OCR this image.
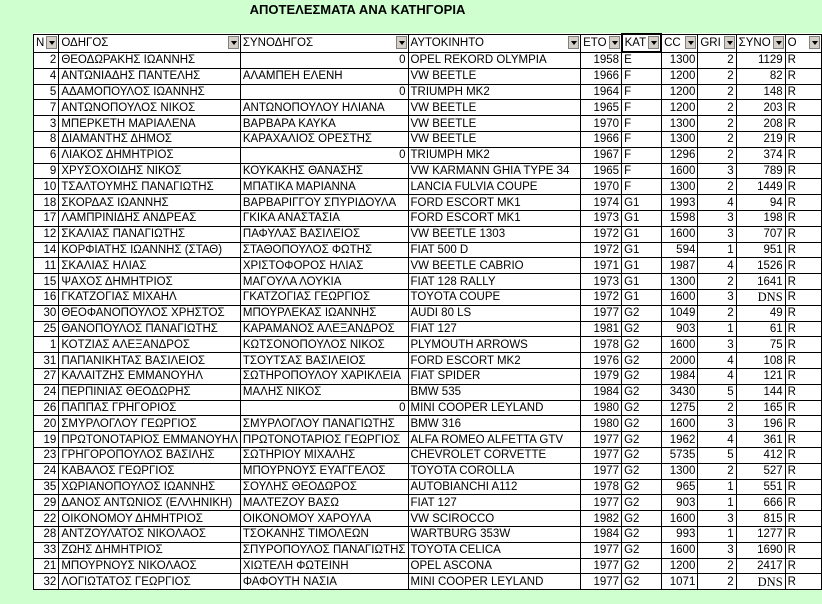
ΑΠΟΤΕΛΕΣΜΑΤΑ ΑΝΑ ΚΑΤΗΓΟΡΙΑ
N	ΟΔΗΓΟΣ	ΣΥΝΟΔΗΓΟΣ	ΑΥΤΟΚΙΝΗΤΟ	ΕΤΟ	ΚΑΤ	CC	GRI	ΣΥΝΟ	O

2	ΘΕΟΔΩΡΑΚΗΣ ΙΩΑΝΝΗΣ	0	OPEL REKORD OLYMPIA	1958	E	1300	2	1129	R
4	ΑΝΤΩΝΙΑΔΗΣ ΠΑΝΤΕΛΗΣ	ΑΛΑΜΠΕΗ ΕΛΕΝΗ	VW BEETLE	1966	F	1200	2	82	R
5	ΑΔΑΜΟΠΟΥΛΟΣ ΙΩΑΝΝΗΣ	0	TRIUMPH MK2	1964	F	1200	2	148	R
7	ΑΝΤΩΝΟΠΟΥΛΟΣ ΝΙΚΟΣ	ΑΝΤΩΝΟΠΟΥΛΟΥ ΗΛΙΑΝΑ	VW BEETLE	1965	F	1200	2	203	R
3	ΜΠΕΡΚΕΤΗ ΜΑΡΙΑΛΕΝΑ	ΒΑΡΒΑΡΑ ΚΑΥΚΑ	VW BEETLE	1970	F	1300	2	208	R
8	ΔΙΑΜΑΝΤΗΣ ΔΗΜΟΣ	ΚΑΡΑΧΑΛΙΟΣ ΟΡΕΣΤΗΣ	VW BEETLE	1966	F	1300	2	219	R
6	ΛΙΑΚΟΣ ΔΗΜΗΤΡΙΟΣ	0	TRIUMPH MK2	1967	F	1296	2	374	R
9	ΧΡΥΣΟΧΟΙΔΗΣ ΝΙΚΟΣ	ΚΟΥΚΑΚΗΣ ΘΑΝΑΣΗΣ	VW KARMANN GHIA TYPE 34	1965	F	1600	3	789	R
10	ΤΣΑΛΤΟΥΜΗΣ ΠΑΝΑΓΙΩΤΗΣ	ΜΠΑΤΙΚΑ ΜΑΡΙΑΝΝΑ	LANCIA FULVIA COUPE	1970	F	1300	2	1449	R
18	ΣΚΟΡΔΑΣ ΙΩΑΝΝΗΣ	ΒΑΡΒΑΡΙΓΓΟΥ ΣΠΥΡΙΔΟΥΛΑ	FORD ESCORT MK1	1974	G1	1993	4	94	R
17	ΛΑΜΠΡΙΝΙΔΗΣ ΑΝΔΡΕΑΣ	ΓΚΙΚΑ ΑΝΑΣΤΑΣΙΑ	FORD ESCORT MK1	1973	G1	1598	3	198	R
12	ΣΚΑΛΙΑΣ ΠΑΝΑΓΙΩΤΗΣ	ΠΑΦΥΛΑΣ ΒΑΣΙΛΕΙΟΣ	VW BEETLE 1303	1972	G1	1600	3	707	R
14	ΚΟΡΦΙΑΤΗΣ ΙΩΑΝΝΗΣ (ΣΤΑΘ)	ΣΤΑΘΟΠΟΥΛΟΣ ΦΩΤΗΣ	FIAT 500 D	1972	G1	594	1	951	R
11	ΣΚΑΛΙΑΣ ΗΛΙΑΣ	ΧΡΙΣΤΟΦΟΡΟΣ ΗΛΙΑΣ	VW BEETLE CABRIO	1971	G1	1987	4	1526	R
15	ΨΑΧΟΣ ΔΗΜΗΤΡΙΟΣ	ΜΑΓΟΥΛΑ ΛΟΥΚΙΑ	FIAT 128 RALLY	1973	G1	1300	2	1641	R
16	ΓΚΑΤΖΟΓΙΑΣ ΜΙΧΑΗΛ	ΓΚΑΤΖΟΓΙΑΣ ΓΕΩΡΓΙΟΣ	TOYOTA COUPE	1972	G1	1600	3	DNS	R
30	ΘΕΟΦΑΝΟΠΟΥΛΟΣ ΧΡΗΣΤΟΣ	ΜΠΟΥΡΛΕΚΑΣ ΙΩΑΝΝΗΣ	AUDI 80 LS	1977	G2	1049	2	49	R
25	ΘΑΝΟΠΟΥΛΟΣ ΠΑΝΑΓΙΩΤΗΣ	ΚΑΡΑΜΑΝΟΣ ΑΛΕΞΑΝΔΡΟΣ	FIAT 127	1981	G2	903	1	61	R
1	ΚΟΤΖΙΑΣ ΑΛΕΞΑΝΔΡΟΣ	ΚΩΤΣΟΝΟΠΟΥΛΟΣ ΝΙΚΟΣ	PLYMOUTH ARROWS	1978	G2	1600	3	75	R
31	ΠΑΠΑΝΙΚΗΤΑΣ ΒΑΣΙΛΕΙΟΣ	ΤΣΟΥΤΣΑΣ ΒΑΣΙΛΕΙΟΣ	FORD ESCORT MK2	1976	G2	2000	4	108	R
27	ΚΑΛΑΙΤΖΗΣ ΕΜΜΑΝΟΥΗΛ	ΣΩΤΗΡΟΠΟΥΛΟΥ ΧΑΡΙΚΛΕΙΑ	FIAT SPIDER	1979	G2	1984	4	121	R
24	ΠΕΡΠΙΝΙΑΣ ΘΕΟΔΩΡΗΣ	ΜΑΛΗΣ ΝΙΚΟΣ	BMW 535	1984	G2	3430	5	144	R
26	ΠΑΠΠΑΣ ΓΡΗΓΟΡΙΟΣ	0	MINI COOPER LEYLAND	1980	G2	1275	2	165	R
20	ΣΜΥΡΛΟΓΛΟΥ ΓΕΩΡΓΙΟΣ	ΣΜΥΡΛΟΓΛΟΥ ΠΑΝΑΓΙΩΤΗΣ	BMW 316	1980	G2	1600	3	196	R
19	ΠΡΩΤΟΝΟΤΑΡΙΟΣ ΕΜΜΑΝΟΥΗΛ	ΠΡΩΤΟΝΟΤΑΡΙΟΣ ΓΕΩΡΓΙΟΣ	ALFA ROMEO ALFETTA GTV	1977	G2	1962	4	361	R
23	ΓΡΗΓΟΡΟΠΟΥΛΟΣ ΒΑΣΙΛΗΣ	ΣΩΤΗΡΙΟΥ ΜΙΧΑΛΗΣ	CHEVROLET CORVETTE	1977	G2	5735	5	412	R
24	ΚΑΒΑΛΟΣ ΓΕΩΡΓΙΟΣ	ΜΠΟΥΡΝΟΥΣ ΕΥΑΓΓΕΛΟΣ	TOYOTA COROLLA	1977	G2	1300	2	527	R
35	ΧΩΡΙΑΝΟΠΟΥΛΟΣ ΙΩΑΝΝΗΣ	ΣΟΥΛΗΣ ΘΕΟΔΩΡΟΣ	AUTOBIANCHI A112	1978	G2	965	1	551	R
29	ΔΑΝΟΣ ΑΝΤΩΝΙΟΣ (ΕΛΛΗΝΙΚΗ)	ΜΑΛΤΕΖΟΥ ΒΑΣΩ	FIAT 127	1977	G2	903	1	666	R
22	ΟΙΚΟΝΟΜΟΥ ΔΗΜΗΤΡΙΟΣ	ΟΙΚΟΝΟΜΟΥ ΧΑΡΟΥΛΑ	VW SCIROCCO	1982	G2	1600	3	815	R
28	ΑΝΤΖΟΥΛΑΤΟΣ ΝΙΚΟΛΑΟΣ	ΤΣΟΚΑΝΗΣ ΤΙΜΟΛΕΩΝ	WARTBURG 353W	1984	G2	993	1	1277	R
33	ΖΩΗΣ ΔΗΜΗΤΡΙΟΣ	ΣΠΥΡΟΠΟΥΛΟΣ ΠΑΝΑΓΙΩΤΗΣ	TOYOTA CELICA	1977	G2	1600	3	1690	R
21	ΜΠΟΥΡΝΟΥΣ ΝΙΚΟΛΑΟΣ	ΧΙΩΤΕΛΗ ΦΩΤΕΙΝΗ	OPEL ASCONA	1977	G2	1200	2	2417	R
32	ΛΟΓΙΩΤΑΤΟΣ ΓΕΩΡΓΙΟΣ	ΦΑΦΟΥΤΗ ΝΑΣΙΑ	MINI COOPER LEYLAND	1977	G2	1071	2	DNS	R
